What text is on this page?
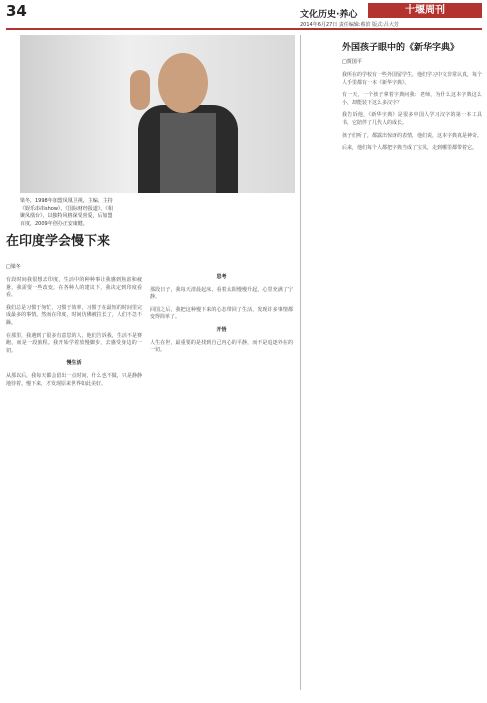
34	文化历史·养心	十堰周刊
2014年6月27日 责任编辑:蔡滨 版式:吕大芳
梁冬，1998年加盟凤凰卫视，主编、主持《娱乐串串show》、《国际财经报道》、《相聚凤凰台》，以独特风格深受喜爱，后加盟百度，2009年创办正安康健。
在印度学会慢下来
□梁冬

有段时间我很想去印度，生活中的种种事让我感到焦虑和疲惫，我需要一些改变。在各种人的建议下，我决定到印度看看。

我们总是习惯于匆忙，习惯于效率，习惯于在最短的时间里完成最多的事情。然而在印度，时间仿佛被拉长了，人们不急不躁。

在那里，我遇到了很多有意思的人，他们告诉我，生活不是赛跑，而是一段旅程。我开始学着放慢脚步，去感受身边的一切。

慢生活

从那以后，我每天都会留出一点时间，什么也不做，只是静静地待着。慢下来，才发现原来世界如此美好。

思考

那段日子，我每天清晨起床，看着太阳慢慢升起，心里充满了宁静。

回国之后，我把这种慢下来的心态带回了生活，发现许多事情都变得简单了。

开悟

人生在世，最重要的是找到自己内心的平静，而不是追逐外在的一切。

外国孩子眼中的《新华字典》
□贾国平

我所在的学校有一些外国留学生，他们学习中文非常认真，每个人手里都有一本《新华字典》。

有一天，一个孩子拿着字典问我：老师，为什么这本字典这么小，却能装下这么多汉字？

我告诉他，《新华字典》是很多中国人学习汉字的第一本工具书，它陪伴了几代人的成长。

孩子们听了，都露出惊讶的表情，他们说，这本字典真是神奇。

后来，他们每个人都把字典当成了宝贝，走到哪里都带着它。
